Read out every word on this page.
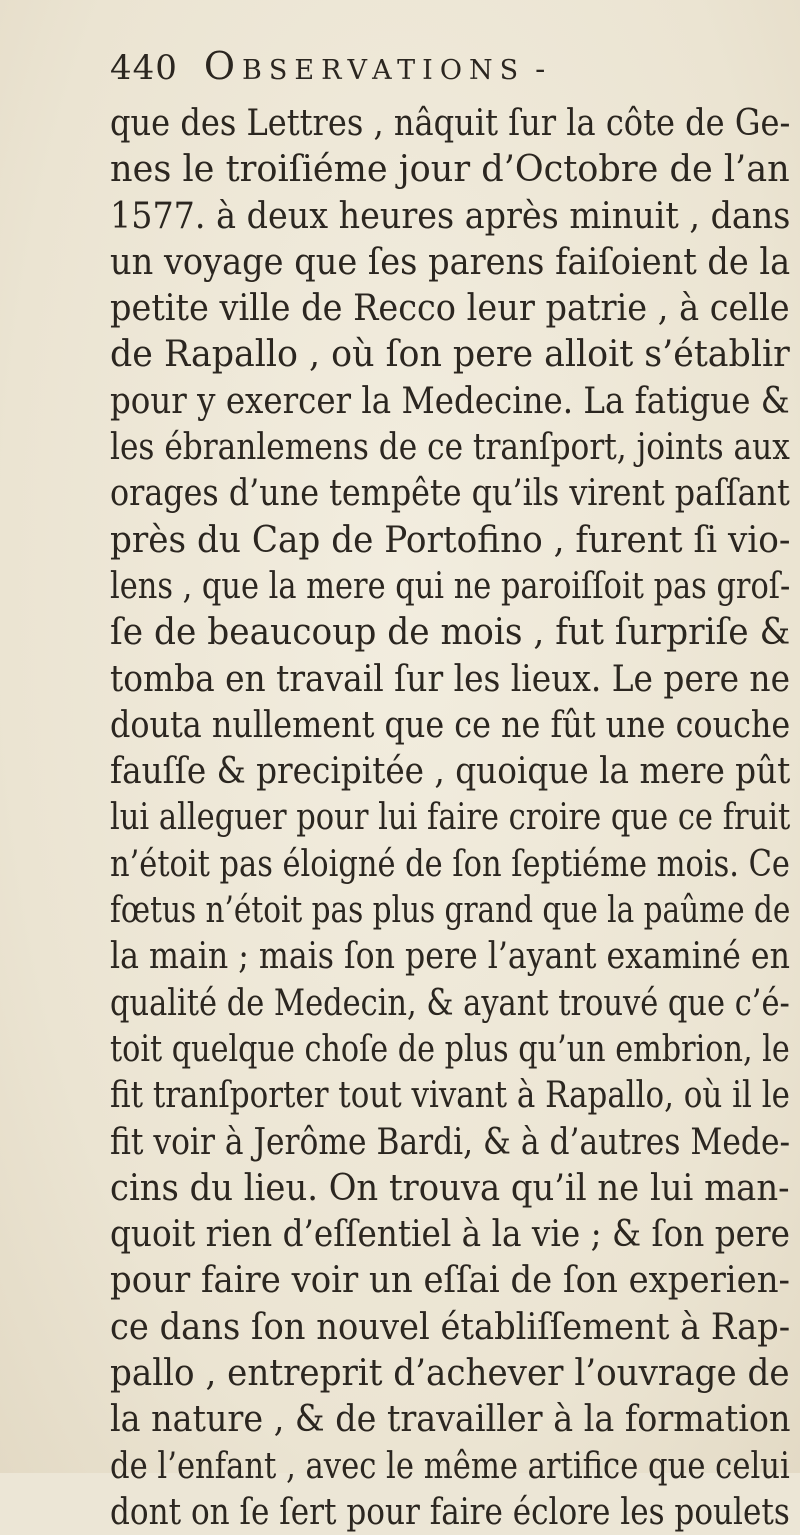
440 Observations -
que des Lettres , nâquit ſur la côte de Ge-
nes le troiſiéme jour d’Octobre de l’an
1577. à deux heures après minuit , dans
un voyage que ſes parens faiſoient de la
petite ville de Recco leur patrie , à celle
de Rapallo , où ſon pere alloit s’établir
pour y exercer la Medecine. La fatigue &
les ébranlemens de ce tranſport, joints aux
orages d’une tempête qu’ils virent paſſant
près du Cap de Portofino , furent ſi vio-
lens , que la mere qui ne paroiſſoit pas groſ-
ſe de beaucoup de mois , fut ſurpriſe &
tomba en travail ſur les lieux. Le pere ne
douta nullement que ce ne fût une couche
fauſſe & precipitée , quoique la mere pût
lui alleguer pour lui faire croire que ce fruit
n’étoit pas éloigné de ſon ſeptiéme mois. Ce
fœtus n’étoit pas plus grand que la paûme de
la main ; mais ſon pere l’ayant examiné en
qualité de Medecin, & ayant trouvé que c’é-
toit quelque choſe de plus qu’un embrion, le
fit tranſporter tout vivant à Rapallo, où il le
fit voir à Jerôme Bardi, & à d’autres Mede-
cins du lieu. On trouva qu’il ne lui man-
quoit rien d’eſſentiel à la vie ; & ſon pere
pour faire voir un eſſai de ſon experien-
ce dans ſon nouvel établiſſement à Rap-
pallo , entreprit d’achever l’ouvrage de
la nature , & de travailler à la formation
de l’enfant , avec le même artifice que celui
dont on ſe ſert pour faire éclore les poulets
